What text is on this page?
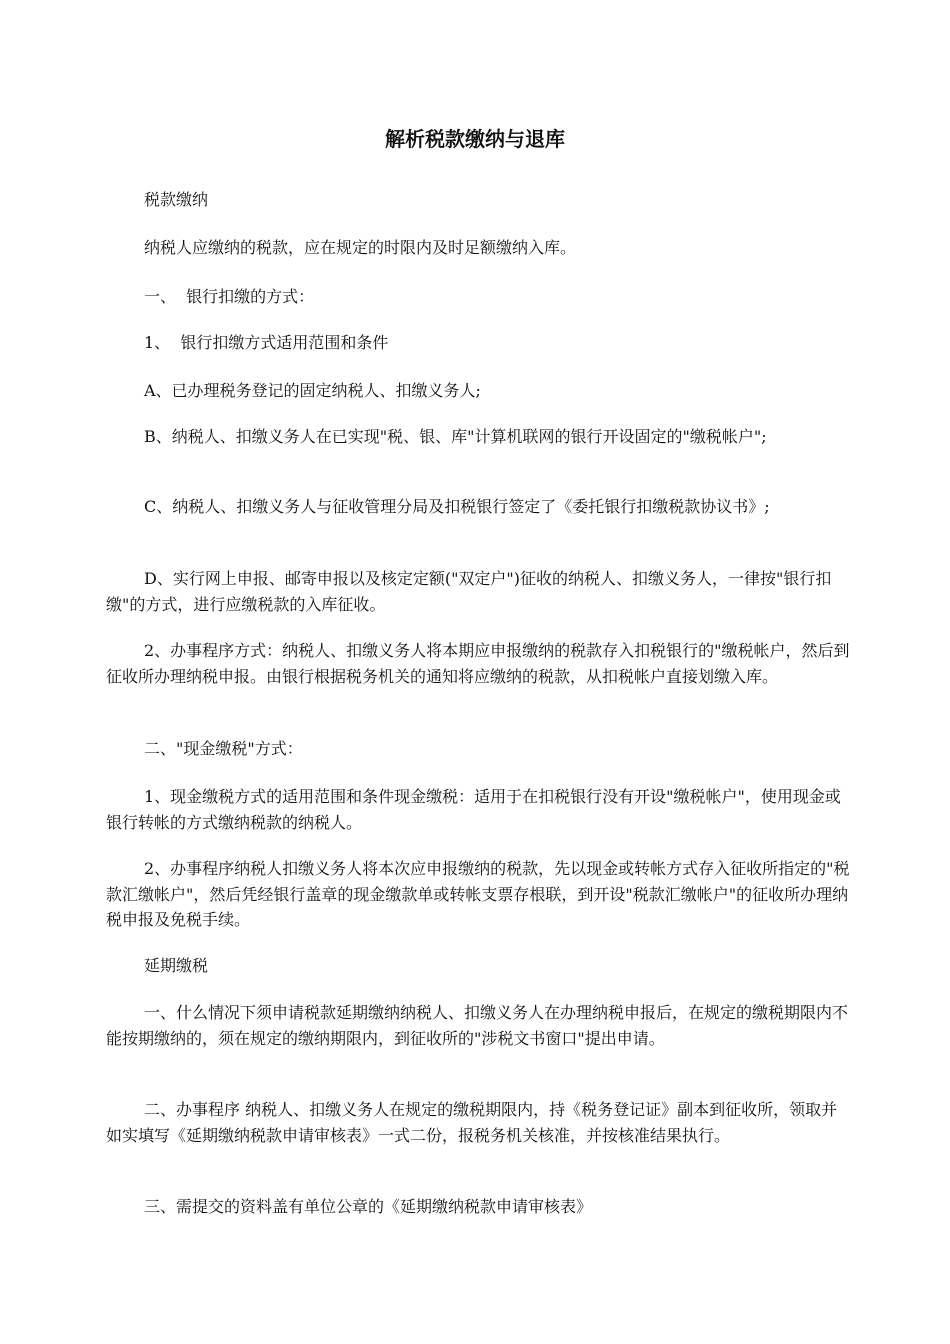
解析税款缴纳与退库
税款缴纳
纳税人应缴纳的税款，应在规定的时限内及时足额缴纳入库。
一、  银行扣缴的方式：
1、  银行扣缴方式适用范围和条件
A、已办理税务登记的固定纳税人、扣缴义务人;
B、纳税人、扣缴义务人在已实现"税、银、库"计算机联网的银行开设固定的"缴税帐户";
C、纳税人、扣缴义务人与征收管理分局及扣税银行签定了《委托银行扣缴税款协议书》;
D、实行网上申报、邮寄申报以及核定定额("双定户")征收的纳税人、扣缴义务人，一律按"银行扣缴"的方式，进行应缴税款的入库征收。
2、办事程序方式：纳税人、扣缴义务人将本期应申报缴纳的税款存入扣税银行的"缴税帐户，然后到征收所办理纳税申报。由银行根据税务机关的通知将应缴纳的税款，从扣税帐户直接划缴入库。
二、"现金缴税"方式：
1、现金缴税方式的适用范围和条件现金缴税：适用于在扣税银行没有开设"缴税帐户"，使用现金或银行转帐的方式缴纳税款的纳税人。
2、办事程序纳税人扣缴义务人将本次应申报缴纳的税款，先以现金或转帐方式存入征收所指定的"税款汇缴帐户"，然后凭经银行盖章的现金缴款单或转帐支票存根联，到开设"税款汇缴帐户"的征收所办理纳税申报及免税手续。
延期缴税
一、什么情况下须申请税款延期缴纳纳税人、扣缴义务人在办理纳税申报后，在规定的缴税期限内不能按期缴纳的，须在规定的缴纳期限内，到征收所的"涉税文书窗口"提出申请。
二、办事程序 纳税人、扣缴义务人在规定的缴税期限内，持《税务登记证》副本到征收所，领取并如实填写《延期缴纳税款申请审核表》一式二份，报税务机关核准，并按核准结果执行。
三、需提交的资料盖有单位公章的《延期缴纳税款申请审核表》
